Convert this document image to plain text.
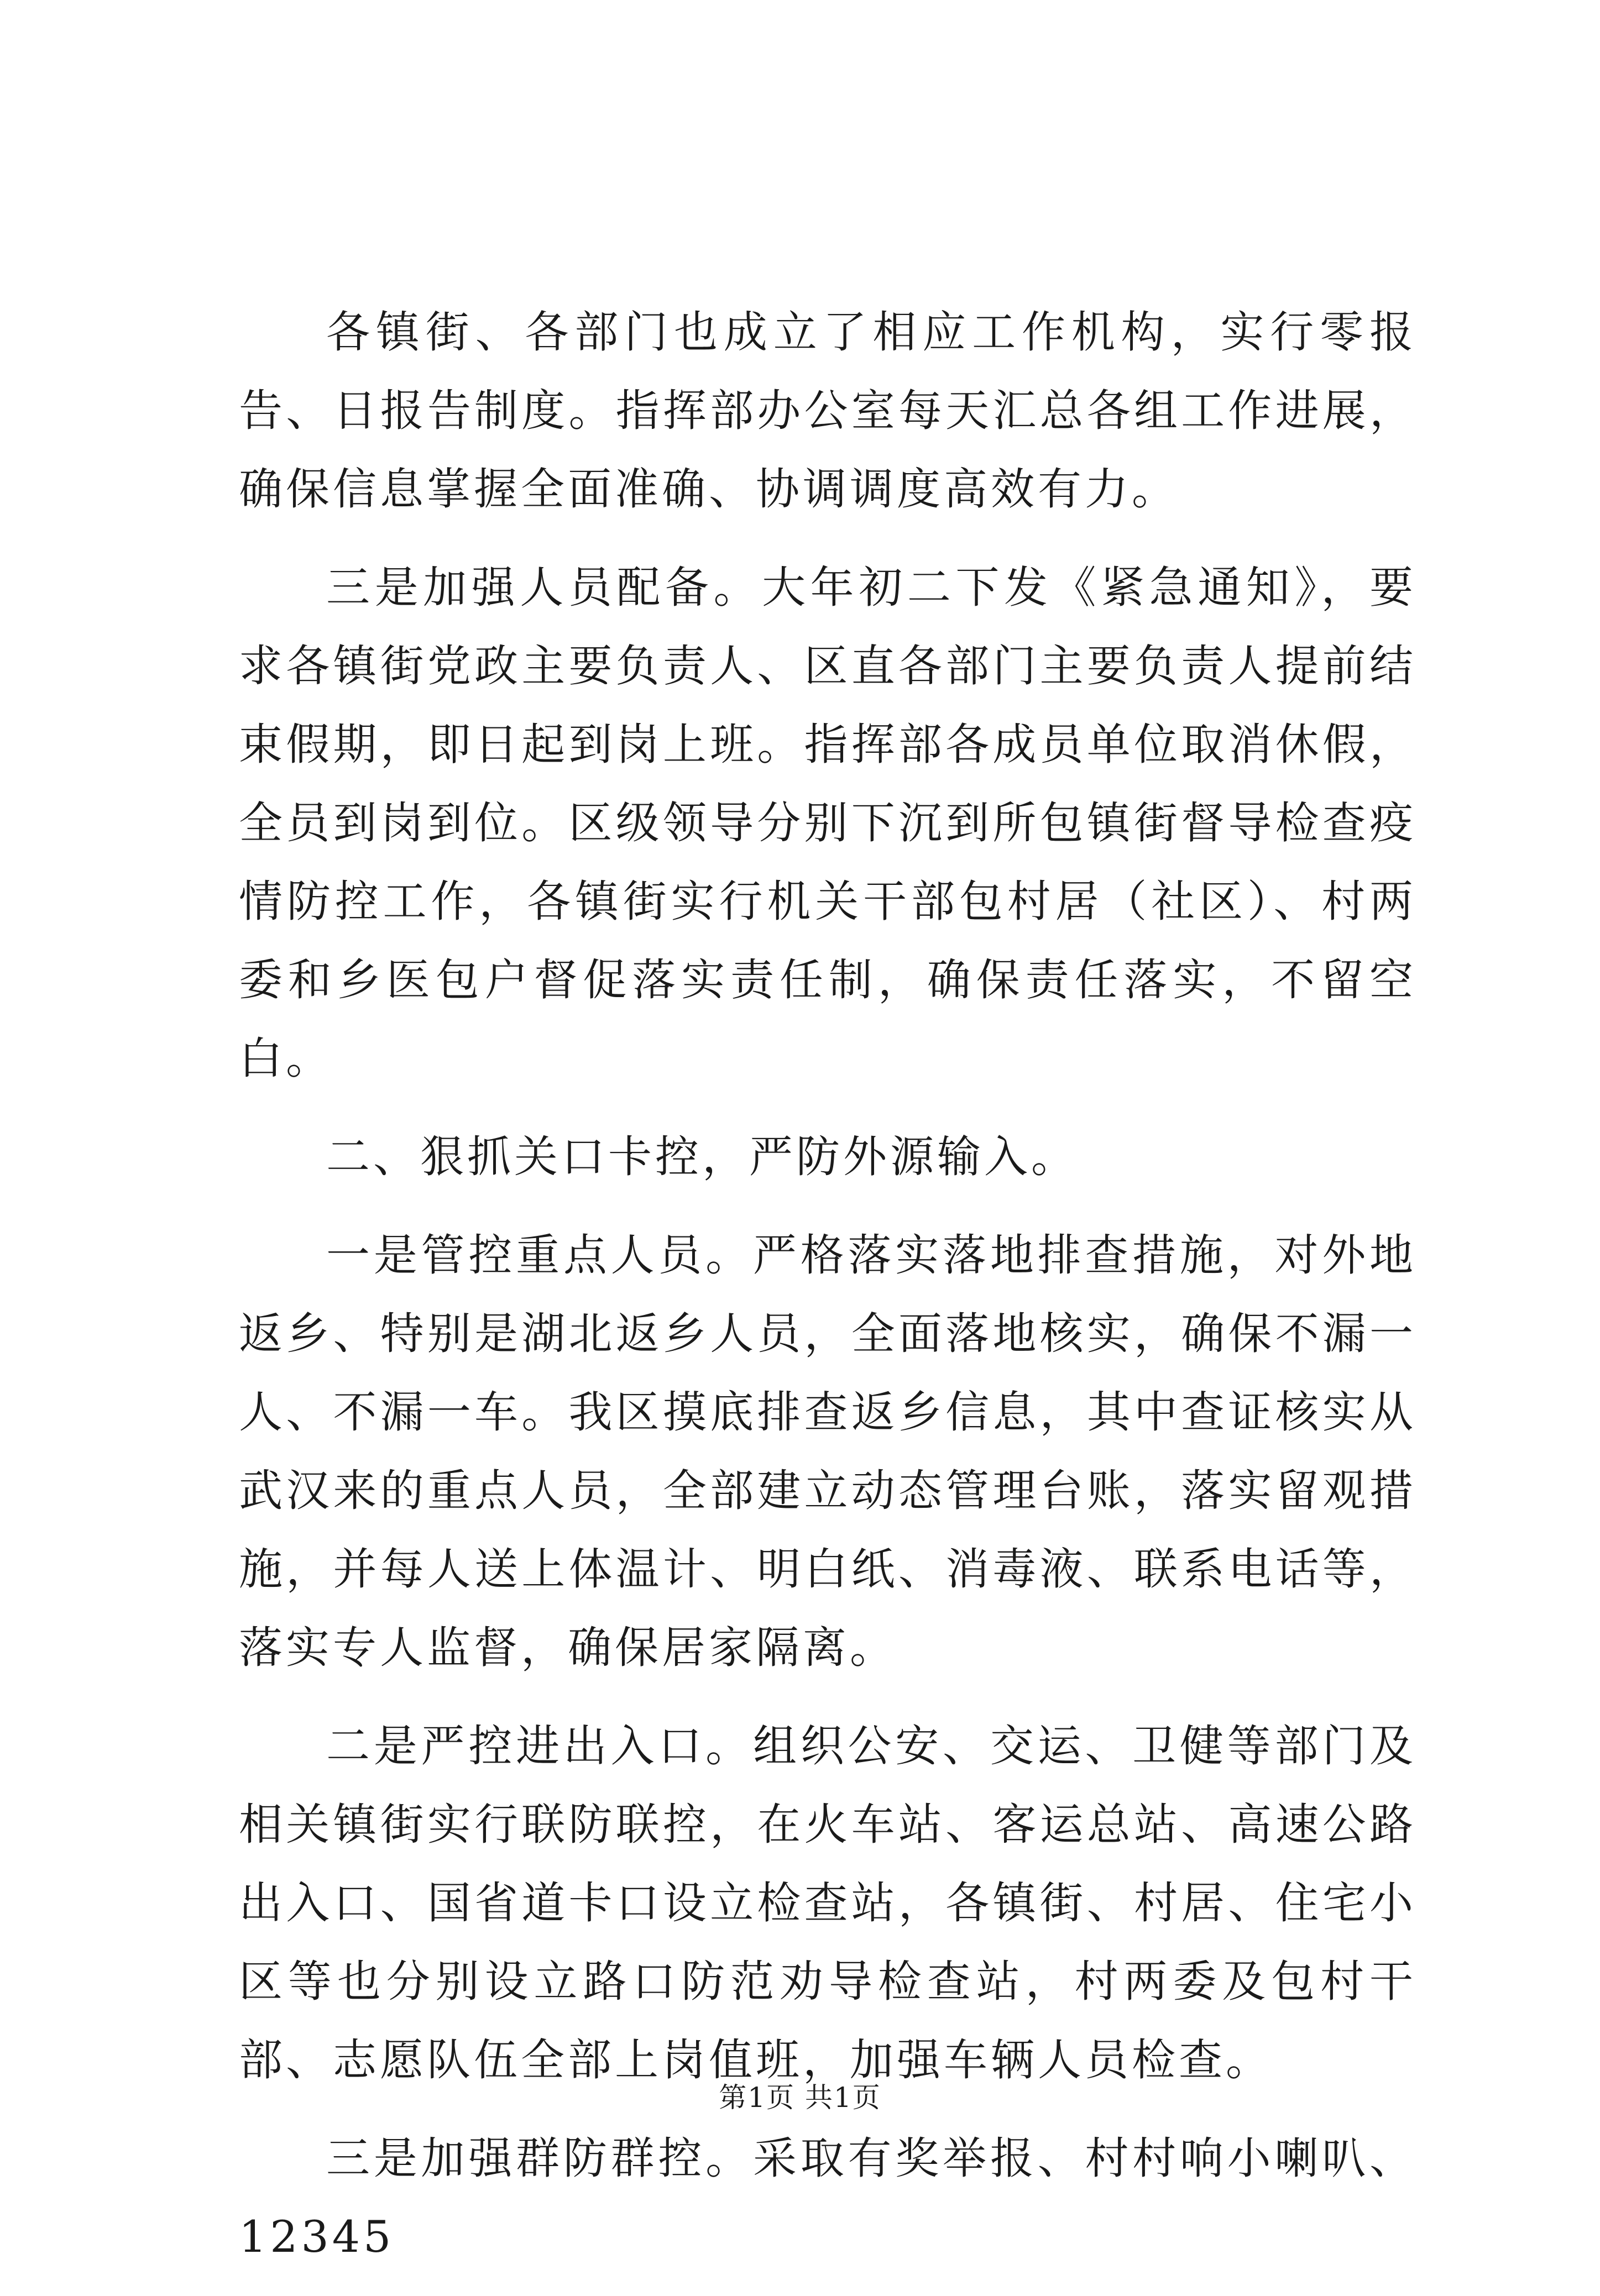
各镇街、各部门也成立了相应工作机构，实行零报告、日报告制度。指挥部办公室每天汇总各组工作进展，确保信息掌握全面准确、协调调度高效有力。

三是加强人员配备。大年初二下发《紧急通知》，要求各镇街党政主要负责人、区直各部门主要负责人提前结束假期，即日起到岗上班。指挥部各成员单位取消休假，全员到岗到位。区级领导分别下沉到所包镇街督导检查疫情防控工作，各镇街实行机关干部包村居（社区）、村两委和乡医包户督促落实责任制，确保责任落实，不留空白。

二、狠抓关口卡控，严防外源输入。

一是管控重点人员。严格落实落地排查措施，对外地返乡、特别是湖北返乡人员，全面落地核实，确保不漏一人、不漏一车。我区摸底排查返乡信息，其中查证核实从武汉来的重点人员，全部建立动态管理台账，落实留观措施，并每人送上体温计、明白纸、消毒液、联系电话等，落实专人监督，确保居家隔离。

二是严控进出入口。组织公安、交运、卫健等部门及相关镇街实行联防联控，在火车站、客运总站、高速公路出入口、国省道卡口设立检查站，各镇街、村居、住宅小区等也分别设立路口防范劝导检查站，村两委及包村干部、志愿队伍全部上岗值班，加强车辆人员检查。

三是加强群防群控。采取有奖举报、村村响小喇叭、12345

第1页 共1页
